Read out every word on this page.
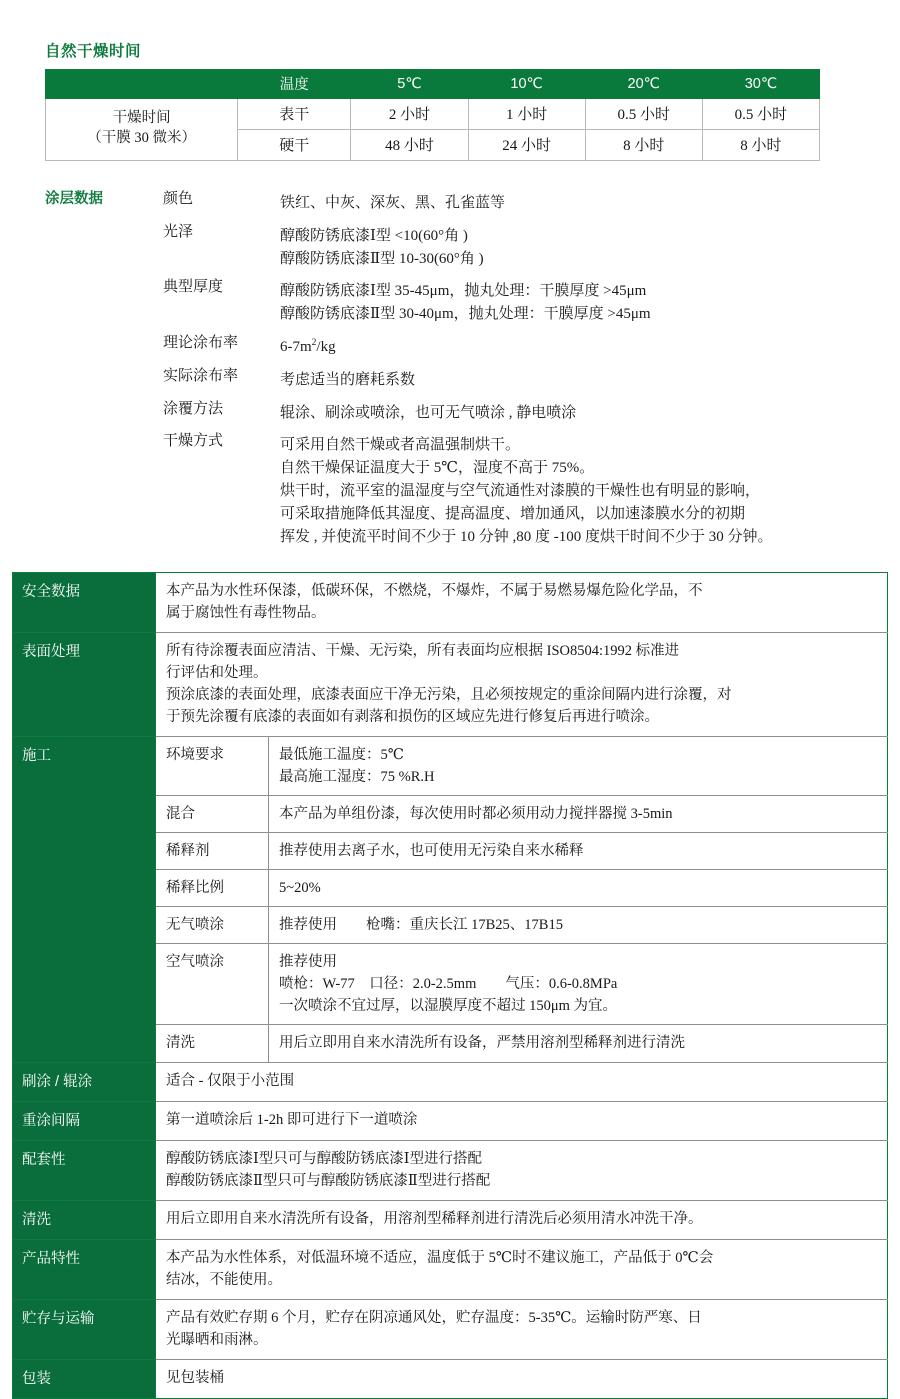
自然干燥时间
	温度	5℃	10℃	20℃	30℃

干燥时间
（干膜 30 微米）	表干	2 小时	1 小时	0.5 小时	0.5 小时
	硬干	48 小时	24 小时	8 小时	8 小时
涂层数据	颜色	铁红、中灰、深灰、黑、孔雀蓝等
光泽	醇酸防锈底漆Ⅰ型 <10(60°角 )
醇酸防锈底漆Ⅱ型 10-30(60°角 )
典型厚度	醇酸防锈底漆Ⅰ型 35-45μm，抛丸处理：干膜厚度 >45μm
醇酸防锈底漆Ⅱ型 30-40μm，抛丸处理：干膜厚度 >45μm
理论涂布率	$6-7m^2/kg$
实际涂布率	考虑适当的磨耗系数
涂覆方法	辊涂、刷涂或喷涂，也可无气喷涂 , 静电喷涂
干燥方式	可采用自然干燥或者高温强制烘干。
自然干燥保证温度大于 5℃，湿度不高于 75%。
烘干时，流平室的温湿度与空气流通性对漆膜的干燥性也有明显的影响，
可采取措施降低其湿度、提高温度、增加通风，以加速漆膜水分的初期
挥发 , 并使流平时间不少于 10 分钟 ,80 度 -100 度烘干时间不少于 30 分钟。
安全数据	本产品为水性环保漆，低碳环保，不燃烧，不爆炸，不属于易燃易爆危险化学品，不
属于腐蚀性有毒性物品。	

表面处理	所有待涂覆表面应清洁、干燥、无污染，所有表面均应根据 ISO8504:1992 标准进
行评估和处理。
预涂底漆的表面处理，底漆表面应干净无污染，且必须按规定的重涂间隔内进行涂覆，对
于预先涂覆有底漆的表面如有剥落和损伤的区域应先进行修复后再进行喷涂。	

施工	环境要求	最低施工温度：5℃
最高施工湿度：75 %R.H

	混合	本产品为单组份漆，每次使用时都必须用动力搅拌器搅 3-5min

	稀释剂	推荐使用去离子水，也可使用无污染自来水稀释

	稀释比例	5~20%

	无气喷涂	推荐使用　　枪嘴：重庆长江 17B25、17B15

	空气喷涂	推荐使用
喷枪：W-77　口径：2.0-2.5mm　　气压：0.6-0.8MPa
一次喷涂不宜过厚，以湿膜厚度不超过 150μm 为宜。

	清洗	用后立即用自来水清洗所有设备，严禁用溶剂型稀释剂进行清洗

刷涂 / 辊涂	适合 - 仅限于小范围	

重涂间隔	第一道喷涂后 1-2h 即可进行下一道喷涂	

配套性	醇酸防锈底漆Ⅰ型只可与醇酸防锈底漆Ⅰ型进行搭配
醇酸防锈底漆Ⅱ型只可与醇酸防锈底漆Ⅱ型进行搭配	

清洗	用后立即用自来水清洗所有设备，用溶剂型稀释剂进行清洗后必须用清水冲洗干净。	

产品特性	本产品为水性体系，对低温环境不适应，温度低于 5℃时不建议施工，产品低于 0℃会
结冰，不能使用。	

贮存与运输	产品有效贮存期 6 个月，贮存在阴凉通风处，贮存温度：5-35℃。运输时防严寒、日
光曝晒和雨淋。	

包装	见包装桶	
